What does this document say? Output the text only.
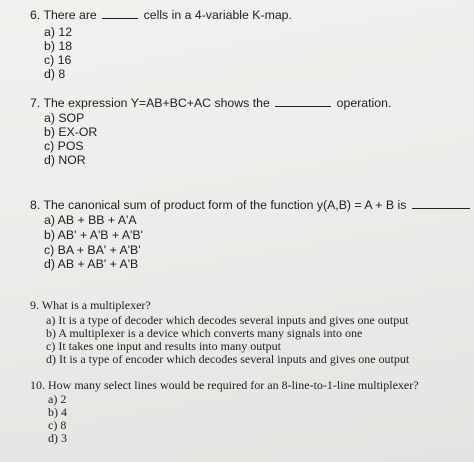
6. There are	cells in a 4-variable K-map.
a) 12
b) 18
c) 16
d) 8
7. The expression Y=AB+BC+AC shows the	operation.
a) SOP
b) EX-OR
c) POS
d) NOR
8. The canonical sum of product form of the function y(A,B) = A + B is
a) AB + BB + A'A
b) AB' + A'B + A'B'
c) BA + BA' + A'B'
d) AB + AB' + A'B
9. What is a multiplexer?
a) It is a type of decoder which decodes several inputs and gives one output
b) A multiplexer is a device which converts many signals into one
c) It takes one input and results into many output
d) It is a type of encoder which decodes several inputs and gives one output
10. How many select lines would be required for an 8-line-to-1-line multiplexer?
a) 2
b) 4
c) 8
d) 3
